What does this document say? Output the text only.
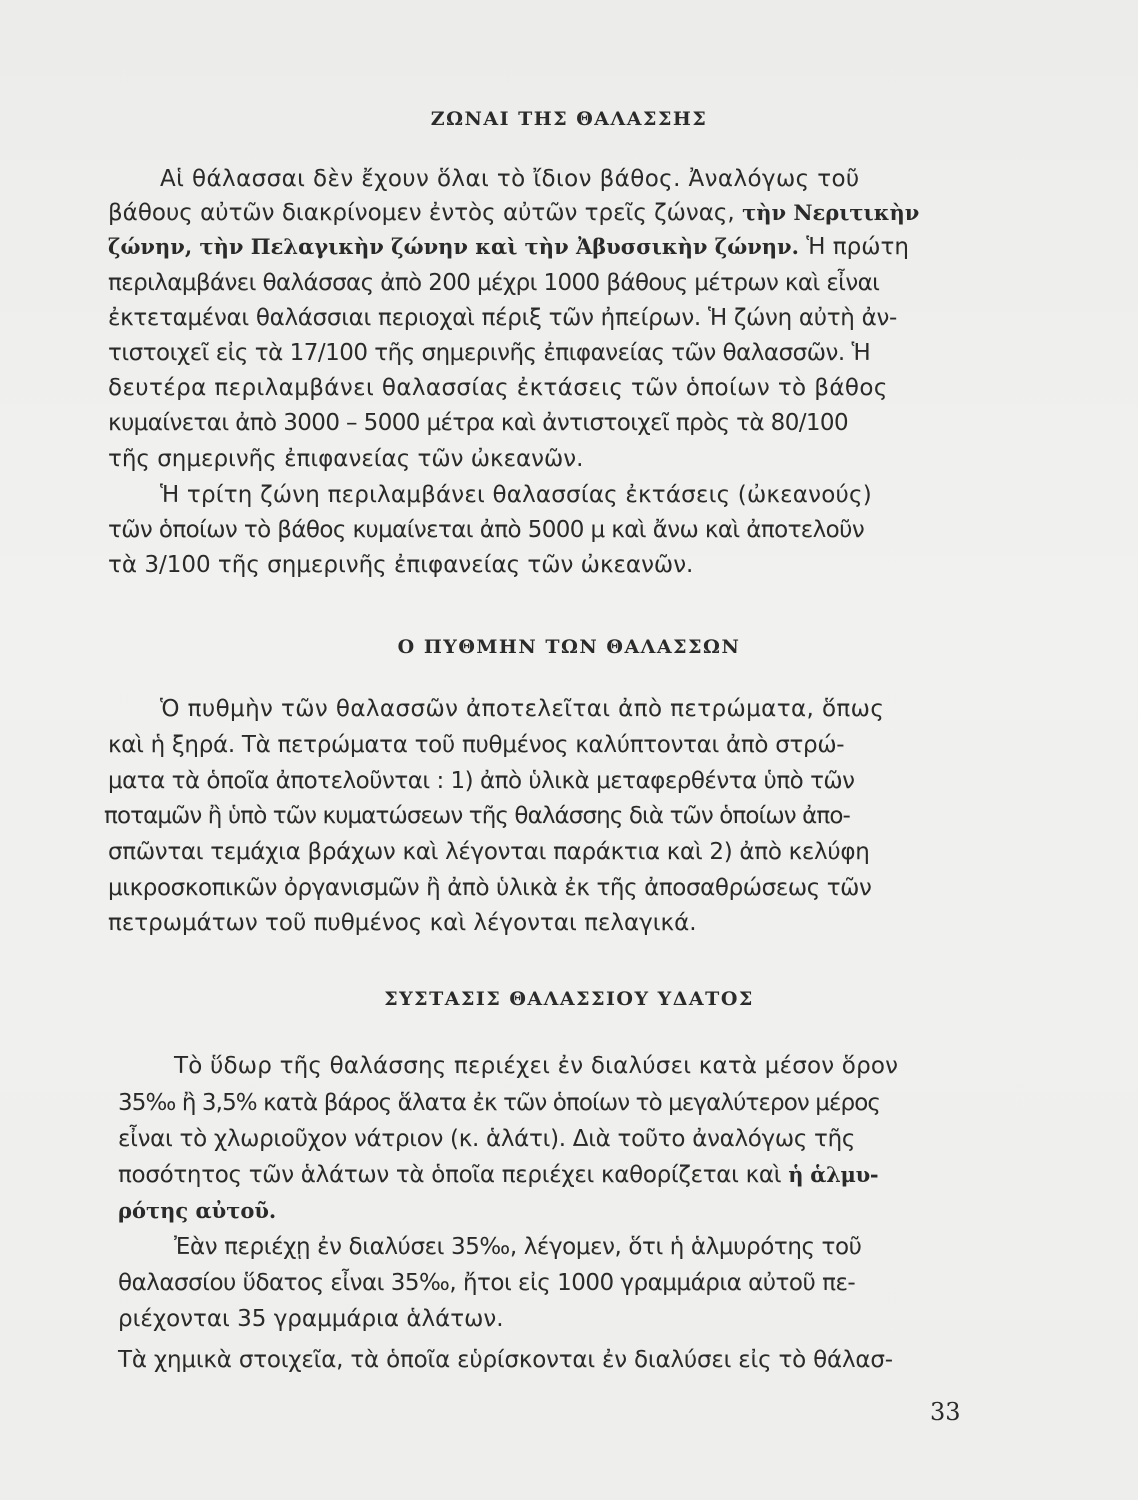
ΖΩΝΑΙ ΤΗΣ ΘΑΛΑΣΣΗΣ
Αἱ θάλασσαι δὲν ἔχουν ὅλαι τὸ ἴδιον βάθος. Ἀναλόγως τοῦ
βάθους αὐτῶν διακρίνομεν ἐντὸς αὐτῶν τρεῖς ζώνας, τὴν Νεριτικὴν
ζώνην, τὴν Πελαγικὴν ζώνην καὶ τὴν Ἀβυσσικὴν ζώνην. Ἡ πρώτη
περιλαμβάνει θαλάσσας ἀπὸ 200 μέχρι 1000 βάθους μέτρων καὶ εἶναι
ἐκτεταμέναι θαλάσσιαι περιοχαὶ πέριξ τῶν ἠπείρων. Ἡ ζώνη αὐτὴ ἀν-
τιστοιχεῖ εἰς τὰ 17/100 τῆς σημερινῆς ἐπιφανείας τῶν θαλασσῶν. Ἡ
δευτέρα περιλαμβάνει θαλασσίας ἐκτάσεις τῶν ὁποίων τὸ βάθος
κυμαίνεται ἀπὸ 3000 – 5000 μέτρα καὶ ἀντιστοιχεῖ πρὸς τὰ 80/100
τῆς σημερινῆς ἐπιφανείας τῶν ὠκεανῶν.
Ἡ τρίτη ζώνη περιλαμβάνει θαλασσίας ἐκτάσεις (ὠκεανούς)
τῶν ὁποίων τὸ βάθος κυμαίνεται ἀπὸ 5000 μ καὶ ἄνω καὶ ἀποτελοῦν
τὰ 3/100 τῆς σημερινῆς ἐπιφανείας τῶν ὠκεανῶν.
Ο ΠΥΘΜΗΝ ΤΩΝ ΘΑΛΑΣΣΩΝ
Ὁ πυθμὴν τῶν θαλασσῶν ἀποτελεῖται ἀπὸ πετρώματα, ὅπως
καὶ ἡ ξηρά. Τὰ πετρώματα τοῦ πυθμένος καλύπτονται ἀπὸ στρώ-
ματα τὰ ὁποῖα ἀποτελοῦνται : 1) ἀπὸ ὑλικὰ μεταφερθέντα ὑπὸ τῶν
ποταμῶν ἢ ὑπὸ τῶν κυματώσεων τῆς θαλάσσης διὰ τῶν ὁποίων ἀπο-
σπῶνται τεμάχια βράχων καὶ λέγονται παράκτια καὶ 2) ἀπὸ κελύφη
μικροσκοπικῶν ὀργανισμῶν ἢ ἀπὸ ὑλικὰ ἐκ τῆς ἀποσαθρώσεως τῶν
πετρωμάτων τοῦ πυθμένος καὶ λέγονται πελαγικά.
ΣΥΣΤΑΣΙΣ ΘΑΛΑΣΣΙΟΥ ΥΔΑΤΟΣ
Τὸ ὕδωρ τῆς θαλάσσης περιέχει ἐν διαλύσει κατὰ μέσον ὅρον
35‰ ἢ 3,5% κατὰ βάρος ἅλατα ἐκ τῶν ὁποίων τὸ μεγαλύτερον μέρος
εἶναι τὸ χλωριοῦχον νάτριον (κ. ἁλάτι). Διὰ τοῦτο ἀναλόγως τῆς
ποσότητος τῶν ἁλάτων τὰ ὁποῖα περιέχει καθορίζεται καὶ ἡ ἁλμυ-
ρότης αὐτοῦ.
Ἐὰν περιέχῃ ἐν διαλύσει 35‰, λέγομεν, ὅτι ἡ ἁλμυρότης τοῦ
θαλασσίου ὕδατος εἶναι 35‰, ἤτοι εἰς 1000 γραμμάρια αὐτοῦ πε-
ριέχονται 35 γραμμάρια ἁλάτων.
Τὰ χημικὰ στοιχεῖα, τὰ ὁποῖα εὑρίσκονται ἐν διαλύσει εἰς τὸ θάλασ-
33
